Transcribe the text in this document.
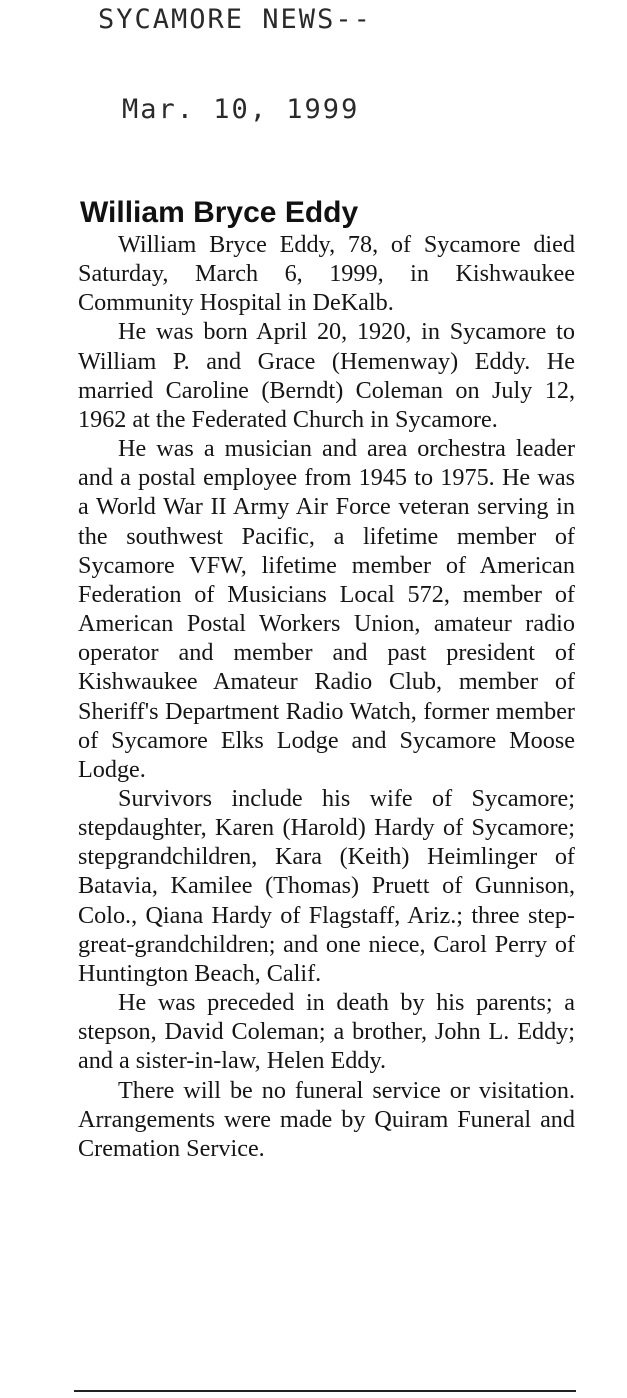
SYCAMORE NEWS--
Mar. 10, 1999
William Bryce Eddy

William Bryce Eddy, 78, of Sycamore died Saturday, March 6, 1999, in Kishwaukee Community Hospital in DeKalb.

He was born April 20, 1920, in Sycamore to William P. and Grace (Hemenway) Eddy. He married Caroline (Berndt) Coleman on July 12, 1962 at the Federated Church in Sycamore.

He was a musician and area orchestra leader and a postal employee from 1945 to 1975. He was a World War II Army Air Force veteran serving in the southwest Pacific, a lifetime member of Sycamore VFW, lifetime member of American Federation of Musicians Local 572, member of American Postal Workers Union, amateur radio operator and member and past president of Kishwaukee Amateur Radio Club, member of Sheriff's Department Radio Watch, former member of Sycamore Elks Lodge and Sycamore Moose Lodge.

Survivors include his wife of Sycamore; stepdaughter, Karen (Harold) Hardy of Sycamore; stepgrandchildren, Kara (Keith) Heimlinger of Batavia, Kamilee (Thomas) Pruett of Gunnison, Colo., Qiana Hardy of Flagstaff, Ariz.; three step-great-grandchildren; and one niece, Carol Perry of Huntington Beach, Calif.

He was preceded in death by his parents; a stepson, David Coleman; a brother, John L. Eddy; and a sister-in-law, Helen Eddy.

There will be no funeral service or visitation. Arrangements were made by Quiram Funeral and Cremation Service.
